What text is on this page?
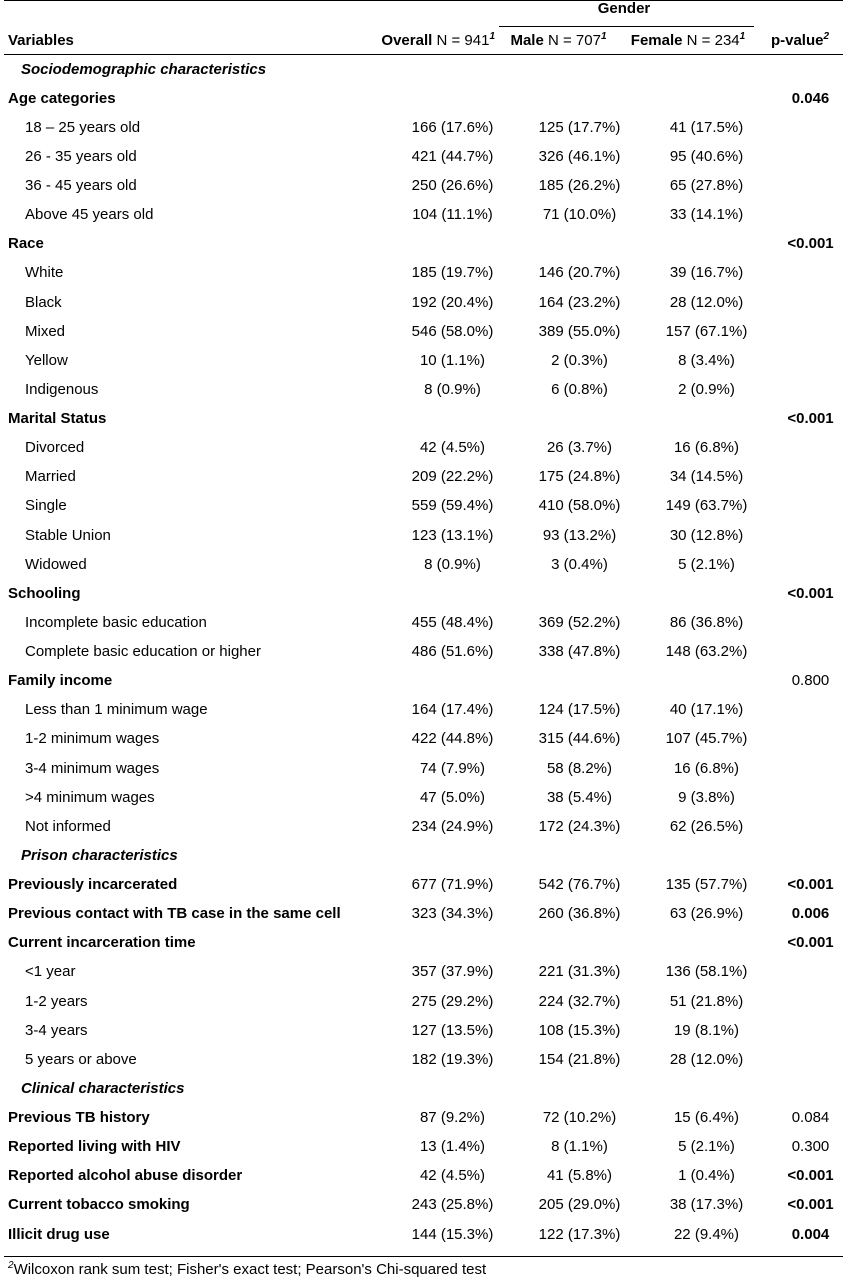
Gender
Variables	Overall $N = 941^1$	Male $N = 707^1$	Female $N = 234^1$	p-value$^2$
Sociodemographic characteristics				
Age categories				0.046
18 – 25 years old	166 (17.6%)	125 (17.7%)	41 (17.5%)	
26 - 35 years old	421 (44.7%)	326 (46.1%)	95 (40.6%)	
36 - 45 years old	250 (26.6%)	185 (26.2%)	65 (27.8%)	
Above 45 years old	104 (11.1%)	71 (10.0%)	33 (14.1%)	
Race				<0.001
White	185 (19.7%)	146 (20.7%)	39 (16.7%)	
Black	192 (20.4%)	164 (23.2%)	28 (12.0%)	
Mixed	546 (58.0%)	389 (55.0%)	157 (67.1%)	
Yellow	10 (1.1%)	2 (0.3%)	8 (3.4%)	
Indigenous	8 (0.9%)	6 (0.8%)	2 (0.9%)	
Marital Status				<0.001
Divorced	42 (4.5%)	26 (3.7%)	16 (6.8%)	
Married	209 (22.2%)	175 (24.8%)	34 (14.5%)	
Single	559 (59.4%)	410 (58.0%)	149 (63.7%)	
Stable Union	123 (13.1%)	93 (13.2%)	30 (12.8%)	
Widowed	8 (0.9%)	3 (0.4%)	5 (2.1%)	
Schooling				<0.001
Incomplete basic education	455 (48.4%)	369 (52.2%)	86 (36.8%)	
Complete basic education or higher	486 (51.6%)	338 (47.8%)	148 (63.2%)	
Family income				0.800
Less than 1 minimum wage	164 (17.4%)	124 (17.5%)	40 (17.1%)	
1-2 minimum wages	422 (44.8%)	315 (44.6%)	107 (45.7%)	
3-4 minimum wages	74 (7.9%)	58 (8.2%)	16 (6.8%)	
>4 minimum wages	47 (5.0%)	38 (5.4%)	9 (3.8%)	
Not informed	234 (24.9%)	172 (24.3%)	62 (26.5%)	
Prison characteristics				
Previously incarcerated	677 (71.9%)	542 (76.7%)	135 (57.7%)	<0.001
Previous contact with TB case in the same cell	323 (34.3%)	260 (36.8%)	63 (26.9%)	0.006
Current incarceration time				<0.001
<1 year	357 (37.9%)	221 (31.3%)	136 (58.1%)	
1-2 years	275 (29.2%)	224 (32.7%)	51 (21.8%)	
3-4 years	127 (13.5%)	108 (15.3%)	19 (8.1%)	
5 years or above	182 (19.3%)	154 (21.8%)	28 (12.0%)	
Clinical characteristics				
Previous TB history	87 (9.2%)	72 (10.2%)	15 (6.4%)	0.084
Reported living with HIV	13 (1.4%)	8 (1.1%)	5 (2.1%)	0.300
Reported alcohol abuse disorder	42 (4.5%)	41 (5.8%)	1 (0.4%)	<0.001
Current tobacco smoking	243 (25.8%)	205 (29.0%)	38 (17.3%)	<0.001
Illicit drug use	144 (15.3%)	122 (17.3%)	22 (9.4%)	0.004
$^2$Wilcoxon rank sum test; Fisher's exact test; Pearson's Chi-squared test
